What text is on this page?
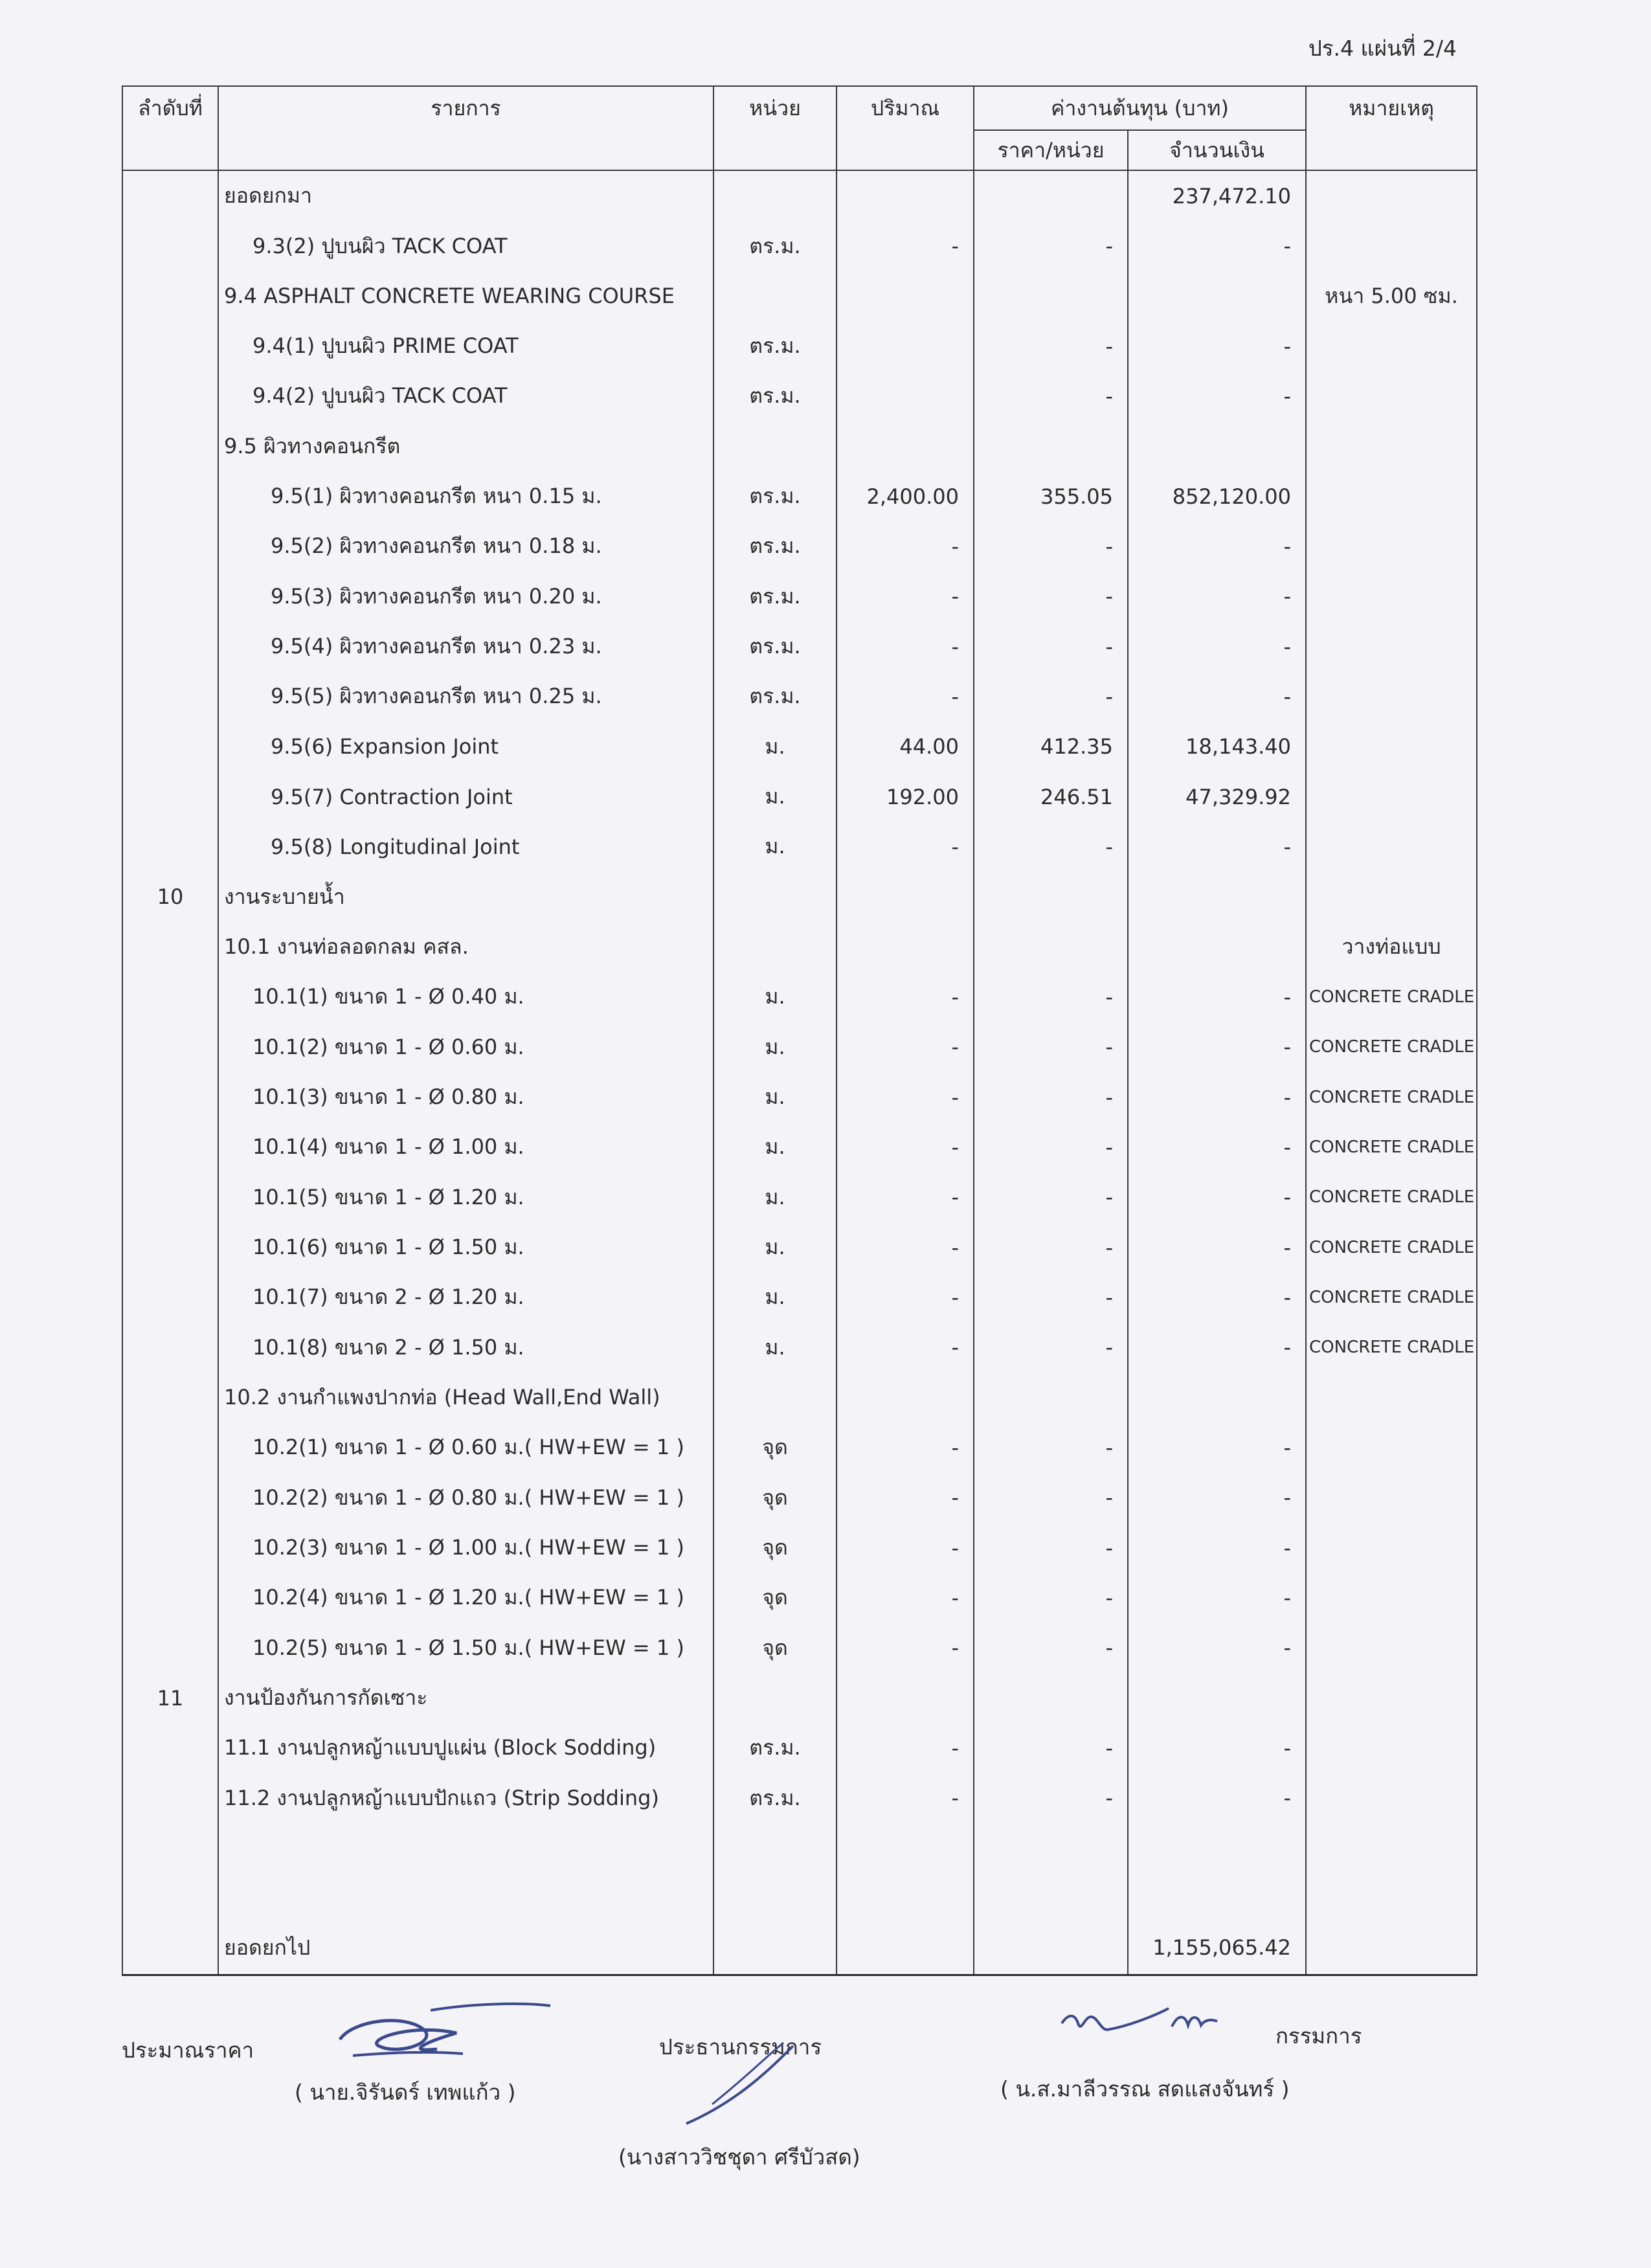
ปร.4 แผ่นที่ 2/4
ลำดับที่	รายการ	หน่วย	ปริมาณ	ค่างานต้นทุน (บาท)		หมายเหตุ
				ราคา/หน่วย	จำนวนเงิน	
	ยอดยกมา				237,472.10	
	9.3(2) ปูบนผิว TACK COAT	ตร.ม.	-	-	-	
	9.4 ASPHALT CONCRETE WEARING COURSE					หนา 5.00 ซม.
	9.4(1) ปูบนผิว PRIME COAT	ตร.ม.		-	-	
	9.4(2) ปูบนผิว TACK COAT	ตร.ม.		-	-	
	9.5 ผิวทางคอนกรีต					
	9.5(1) ผิวทางคอนกรีต หนา 0.15 ม.	ตร.ม.	2,400.00	355.05	852,120.00	
	9.5(2) ผิวทางคอนกรีต หนา 0.18 ม.	ตร.ม.	-	-	-	
	9.5(3) ผิวทางคอนกรีต หนา 0.20 ม.	ตร.ม.	-	-	-	
	9.5(4) ผิวทางคอนกรีต หนา 0.23 ม.	ตร.ม.	-	-	-	
	9.5(5) ผิวทางคอนกรีต หนา 0.25 ม.	ตร.ม.	-	-	-	
	9.5(6) Expansion Joint	ม.	44.00	412.35	18,143.40	
	9.5(7) Contraction Joint	ม.	192.00	246.51	47,329.92	
	9.5(8) Longitudinal Joint	ม.	-	-	-	
10	งานระบายน้ำ					
	10.1 งานท่อลอดกลม คสล.					วางท่อแบบ
	10.1(1) ขนาด 1 - Ø 0.40 ม.	ม.	-	-	-	CONCRETE CRADLE
	10.1(2) ขนาด 1 - Ø 0.60 ม.	ม.	-	-	-	CONCRETE CRADLE
	10.1(3) ขนาด 1 - Ø 0.80 ม.	ม.	-	-	-	CONCRETE CRADLE
	10.1(4) ขนาด 1 - Ø 1.00 ม.	ม.	-	-	-	CONCRETE CRADLE
	10.1(5) ขนาด 1 - Ø 1.20 ม.	ม.	-	-	-	CONCRETE CRADLE
	10.1(6) ขนาด 1 - Ø 1.50 ม.	ม.	-	-	-	CONCRETE CRADLE
	10.1(7) ขนาด 2 - Ø 1.20 ม.	ม.	-	-	-	CONCRETE CRADLE
	10.1(8) ขนาด 2 - Ø 1.50 ม.	ม.	-	-	-	CONCRETE CRADLE
	10.2 งานกำแพงปากท่อ (Head Wall,End Wall)					
	10.2(1) ขนาด 1 - Ø 0.60 ม.( HW+EW = 1 )	จุด	-	-	-	
	10.2(2) ขนาด 1 - Ø 0.80 ม.( HW+EW = 1 )	จุด	-	-	-	
	10.2(3) ขนาด 1 - Ø 1.00 ม.( HW+EW = 1 )	จุด	-	-	-	
	10.2(4) ขนาด 1 - Ø 1.20 ม.( HW+EW = 1 )	จุด	-	-	-	
	10.2(5) ขนาด 1 - Ø 1.50 ม.( HW+EW = 1 )	จุด	-	-	-	
11	งานป้องกันการกัดเซาะ					
	11.1 งานปลูกหญ้าแบบปูแผ่น (Block Sodding)	ตร.ม.	-	-	-	
	11.2 งานปลูกหญ้าแบบปักแถว (Strip Sodding)	ตร.ม.	-	-	-	

	ยอดยกไป				1,155,065.42	
ประมาณราคา
( นาย.จิรันดร์ เทพแก้ว )
ประธานกรรมการ
(นางสาววิชชุดา ศรีบัวสด)
กรรมการ
( น.ส.มาลีวรรณ สดแสงจันทร์ )
